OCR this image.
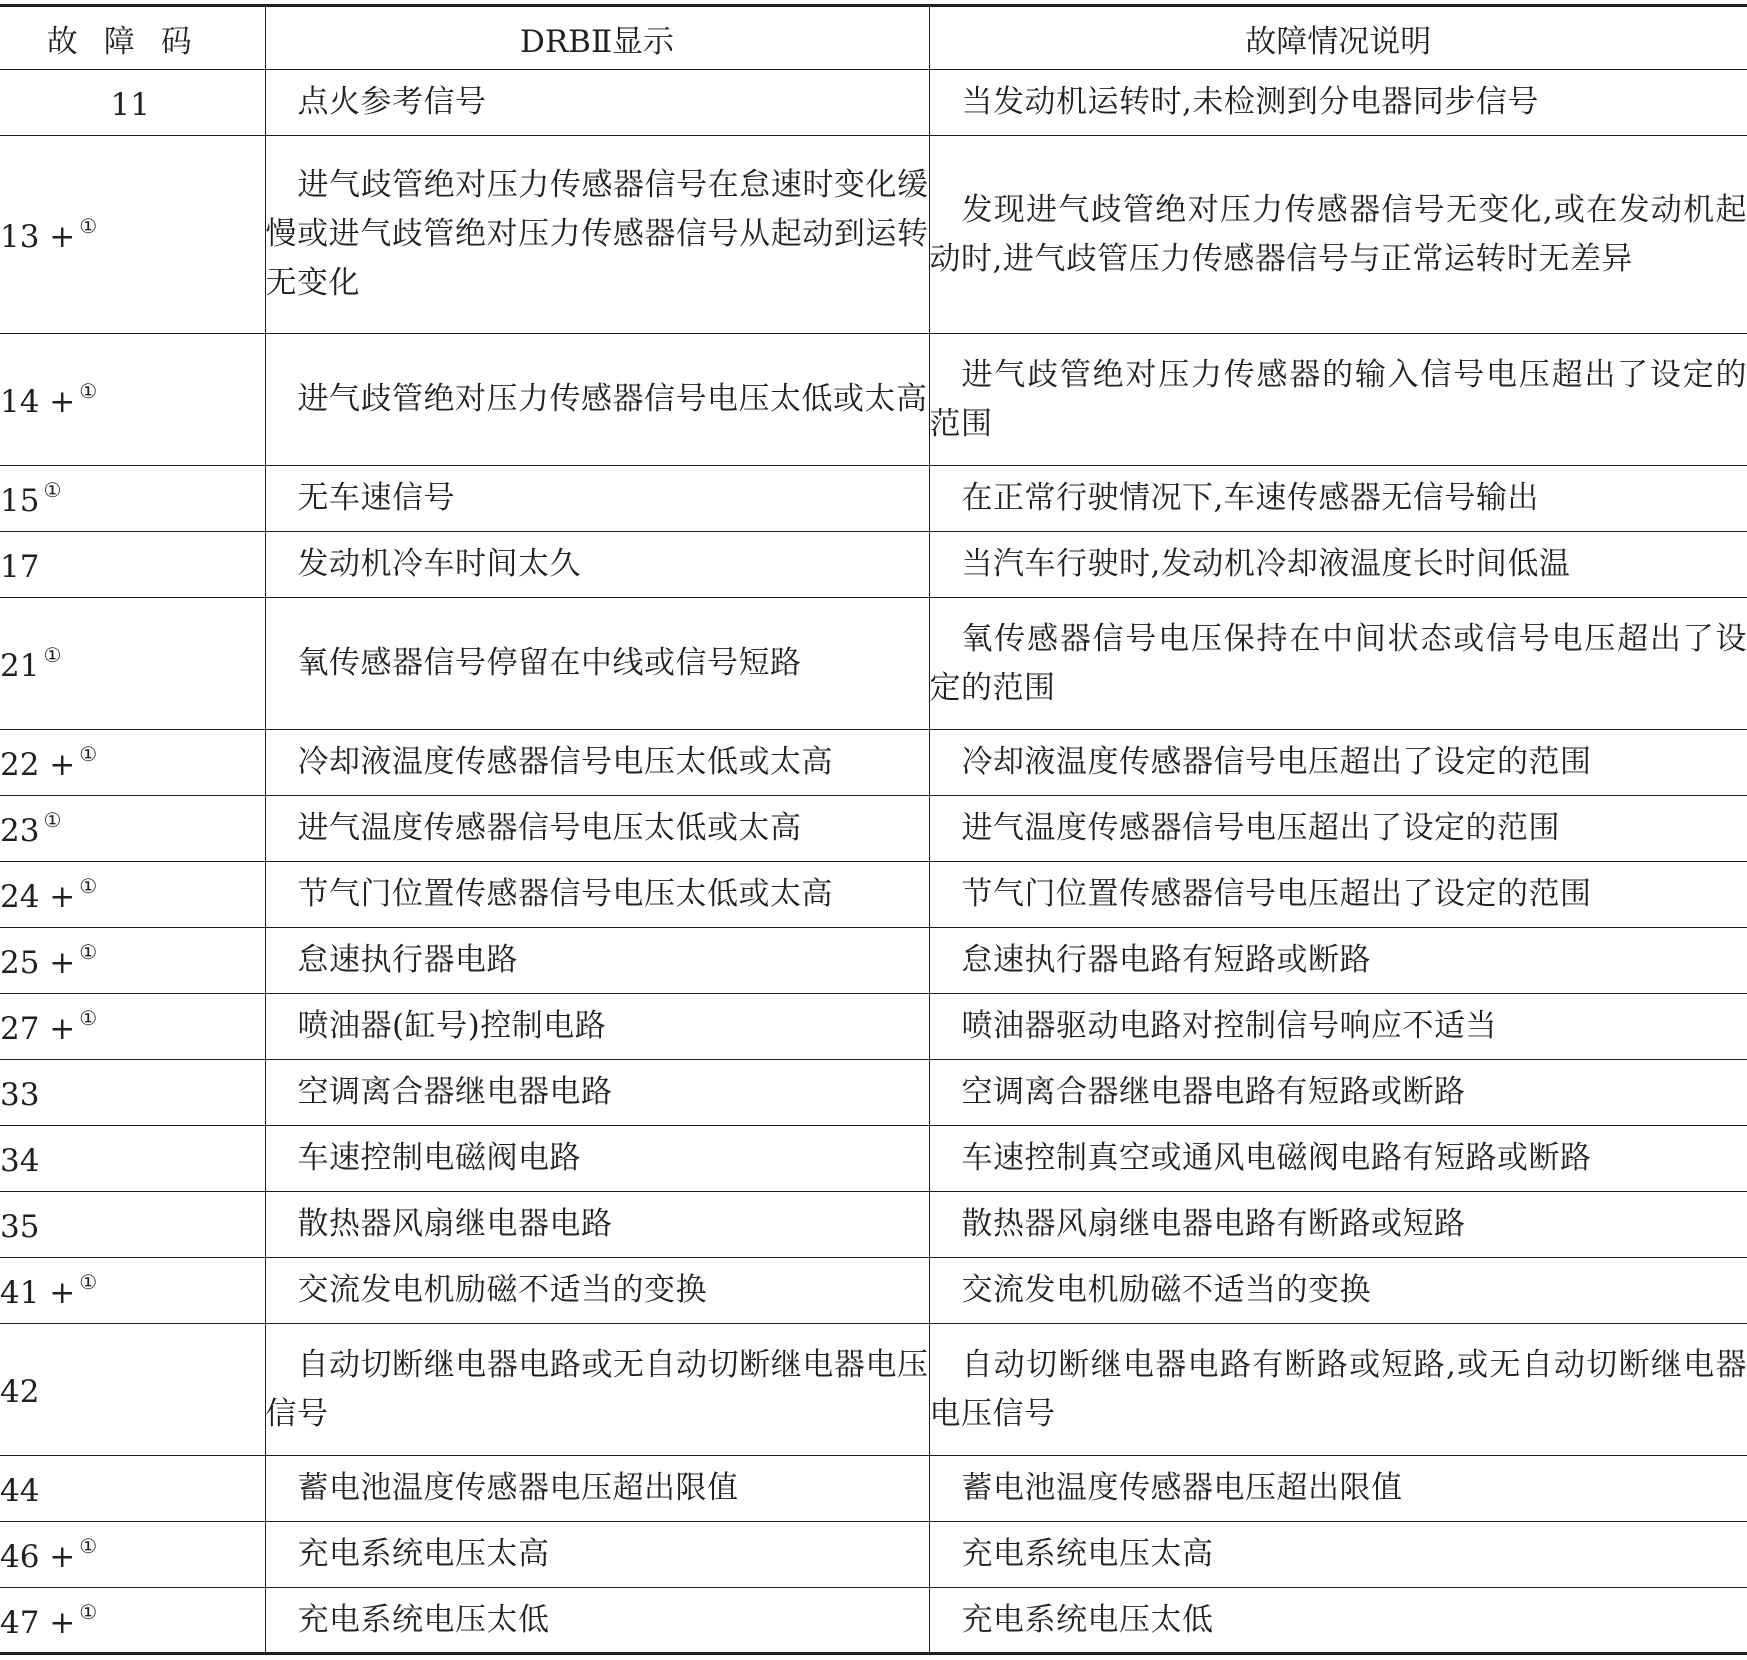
故障码	DRBⅡ显示	故障情况说明
11	点火参考信号	当发动机运转时,未检测到分电器同步信号
13 + ①	进气歧管绝对压力传感器信号在怠速时变化缓慢或进气歧管绝对压力传感器信号从起动到运转无变化	发现进气歧管绝对压力传感器信号无变化,或在发动机起动时,进气歧管压力传感器信号与正常运转时无差异
14 + ①	进气歧管绝对压力传感器信号电压太低或太高	进气歧管绝对压力传感器的输入信号电压超出了设定的范围
15 ①	无车速信号	在正常行驶情况下,车速传感器无信号输出
17	发动机冷车时间太久	当汽车行驶时,发动机冷却液温度长时间低温
21 ①	氧传感器信号停留在中线或信号短路	氧传感器信号电压保持在中间状态或信号电压超出了设定的范围
22 + ①	冷却液温度传感器信号电压太低或太高	冷却液温度传感器信号电压超出了设定的范围
23 ①	进气温度传感器信号电压太低或太高	进气温度传感器信号电压超出了设定的范围
24 + ①	节气门位置传感器信号电压太低或太高	节气门位置传感器信号电压超出了设定的范围
25 + ①	怠速执行器电路	怠速执行器电路有短路或断路
27 + ①	喷油器(缸号)控制电路	喷油器驱动电路对控制信号响应不适当
33	空调离合器继电器电路	空调离合器继电器电路有短路或断路
34	车速控制电磁阀电路	车速控制真空或通风电磁阀电路有短路或断路
35	散热器风扇继电器电路	散热器风扇继电器电路有断路或短路
41 + ①	交流发电机励磁不适当的变换	交流发电机励磁不适当的变换
42	自动切断继电器电路或无自动切断继电器电压信号	自动切断继电器电路有断路或短路,或无自动切断继电器电压信号
44	蓄电池温度传感器电压超出限值	蓄电池温度传感器电压超出限值
46 + ①	充电系统电压太高	充电系统电压太高
47 + ①	充电系统电压太低	充电系统电压太低
